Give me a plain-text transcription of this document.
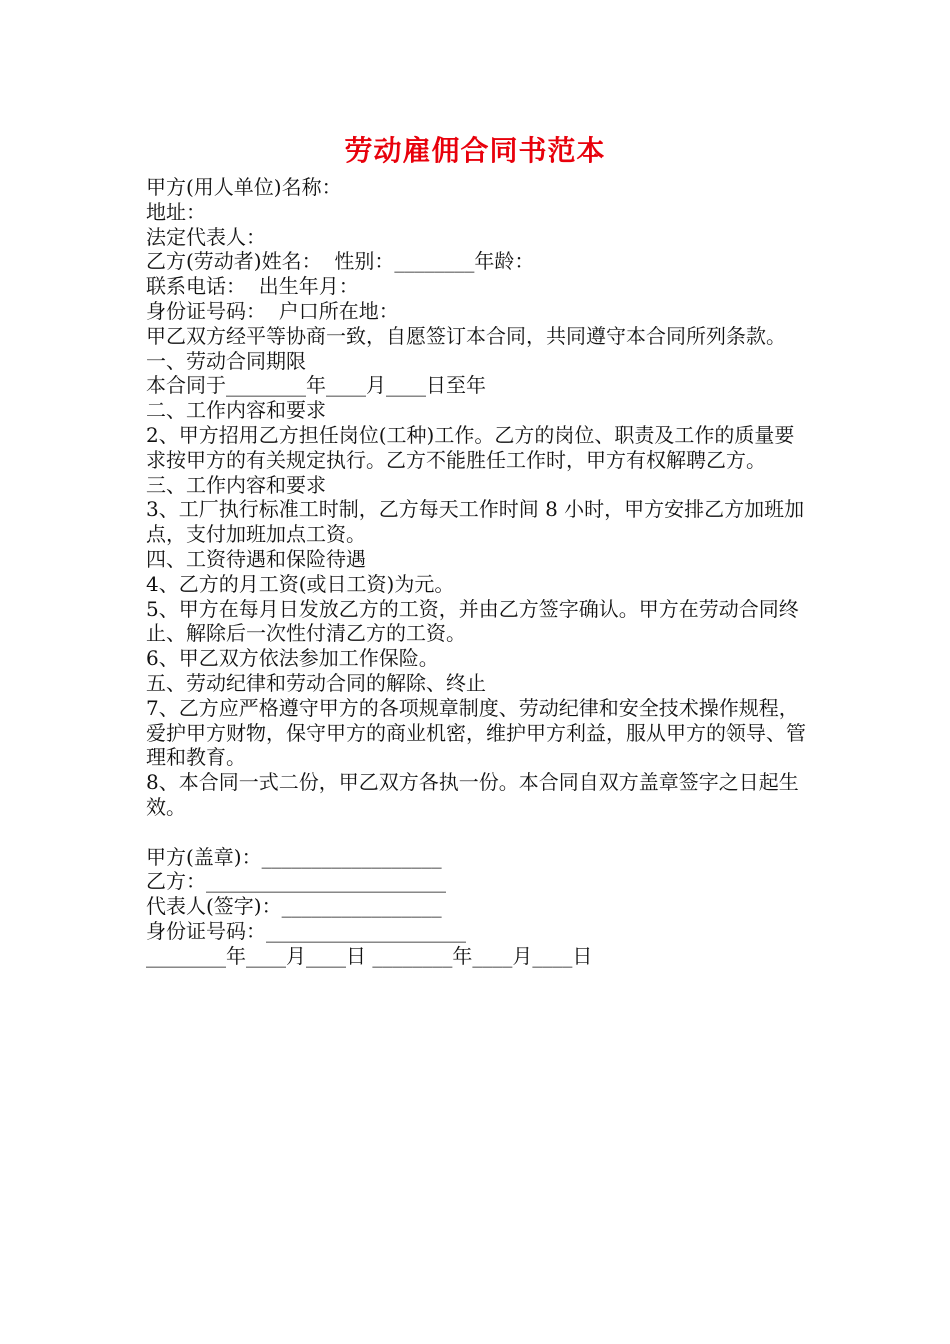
劳动雇佣合同书范本
甲方(用人单位)名称：
地址：
法定代表人：
乙方(劳动者)姓名：  性别：________年龄：
联系电话：  出生年月：
身份证号码：  户口所在地：
甲乙双方经平等协商一致，自愿签订本合同，共同遵守本合同所列条款。
一、劳动合同期限
本合同于________年____月____日至年
二、工作内容和要求
2、甲方招用乙方担任岗位(工种)工作。乙方的岗位、职责及工作的质量要求按甲方的有关规定执行。乙方不能胜任工作时，甲方有权解聘乙方。
三、工作内容和要求
3、工厂执行标准工时制，乙方每天工作时间 8 小时，甲方安排乙方加班加点，支付加班加点工资。
四、工资待遇和保险待遇
4、乙方的月工资(或日工资)为元。
5、甲方在每月日发放乙方的工资，并由乙方签字确认。甲方在劳动合同终止、解除后一次性付清乙方的工资。
6、甲乙双方依法参加工作保险。
五、劳动纪律和劳动合同的解除、终止
7、乙方应严格遵守甲方的各项规章制度、劳动纪律和安全技术操作规程，爱护甲方财物，保守甲方的商业机密，维护甲方利益，服从甲方的领导、管理和教育。
8、本合同一式二份，甲乙双方各执一份。本合同自双方盖章签字之日起生效。
甲方(盖章)：__________________
乙方：________________________
代表人(签字)：________________
身份证号码：____________________
________年____月____日 ________年____月____日
